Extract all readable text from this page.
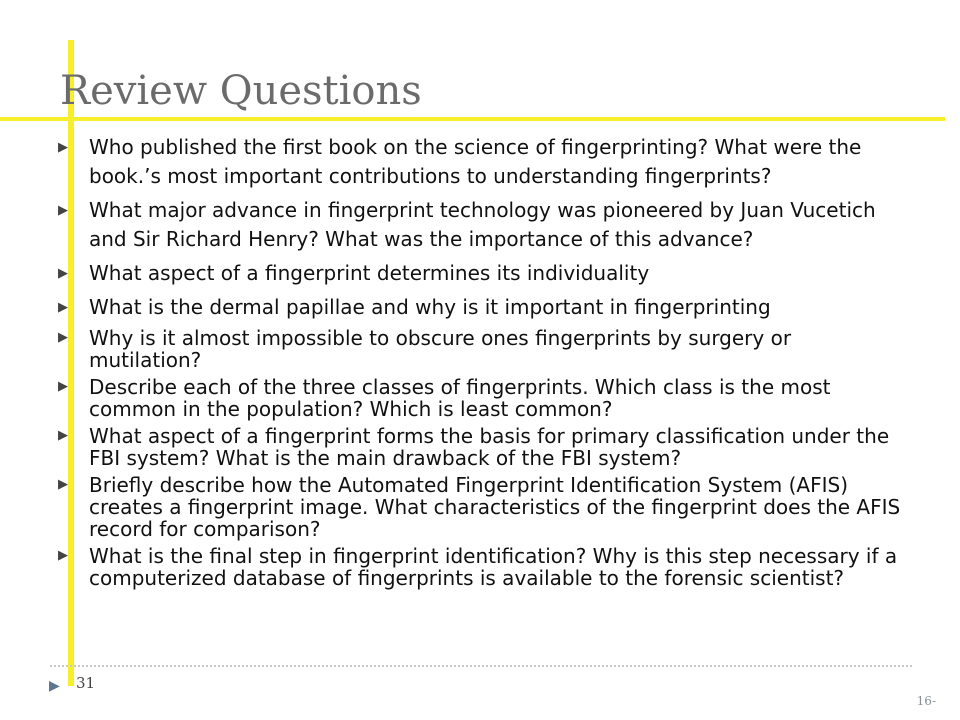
Review Questions
▶ Who published the first book on the science of fingerprinting? What were the book.’s most important contributions to understanding fingerprints?
▶ What major advance in fingerprint technology was pioneered by Juan Vucetich and Sir Richard Henry? What was the importance of this advance?
▶ What aspect of a fingerprint determines its individuality
▶ What is the dermal papillae and why is it important in fingerprinting
▶ Why is it almost impossible to obscure ones fingerprints by surgery or mutilation?
▶ Describe each of the three classes of fingerprints. Which class is the most common in the population? Which is least common?
▶ What aspect of a fingerprint forms the basis for primary classification under the FBI system? What is the main drawback of the FBI system?
▶ Briefly describe how the Automated Fingerprint Identification System (AFIS) creates a fingerprint image. What characteristics of the fingerprint does the AFIS record for comparison?
▶ What is the final step in fingerprint identification? Why is this step necessary if a computerized database of fingerprints is available to the forensic scientist?
▶ 31
16-
